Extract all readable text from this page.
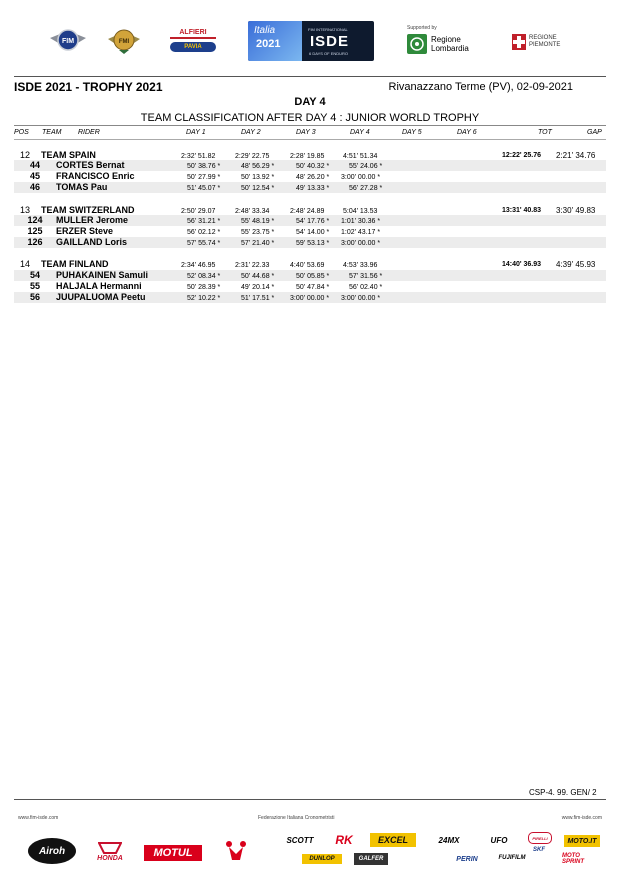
FIM	FMI
ALFIERI
PAVIA
Italia
2021
FIM INTERNATIONAL
ISDE
6 DAYS OF ENDURO
Supported by
Regione
Lombardia
REGIONE
PIEMONTE
ISDE 2021 - TROPHY 2021	Rivanazzano Terme (PV), 02-09-2021
DAY 4
TEAM CLASSIFICATION AFTER DAY 4 : JUNIOR WORLD TROPHY
POS TEAM RIDER	DAY 1	DAY 2	DAY 3	DAY 4	DAY 5	DAY 6	TOT	GAP
12 TEAM SPAIN	2:32' 51.82	2:29' 22.75	2:28' 19.85	4:51' 51.34	12:22' 25.76 2:21' 34.76
44	CORTES Bernat	50' 38.76 *	48' 56.29 *	50' 40.32 *	55' 24.06 *
45	FRANCISCO Enric	50' 27.99 *	50' 13.92 *	48' 26.20 * 3:00' 00.00 *
46	TOMAS Pau	51' 45.07 *	50' 12.54 *	49' 13.33 *	56' 27.28 *
13 TEAM SWITZERLAND	2:50' 29.07	2:48' 33.34	2:48' 24.89	5:04' 13.53	13:31' 40.83 3:30' 49.83
124	MULLER Jerome	56' 31.21 *	55' 48.19 *	54' 17.76 * 1:01' 30.36 *
125	ERZER Steve	56' 02.12 *	55' 23.75 *	54' 14.00 * 1:02' 43.17 *
126	GAILLAND Loris	57' 55.74 *	57' 21.40 *	59' 53.13 * 3:00' 00.00 *
14 TEAM FINLAND	2:34' 46.95	2:31' 22.33	4:40' 53.69	4:53' 33.96	14:40' 36.93 4:39' 45.93
54	PUHAKAINEN Samuli	52' 08.34 *	50' 44.68 *	50' 05.85 *	57' 31.56 *
55	HALJALA Hermanni	50' 28.39 *	49' 20.14 *	50' 47.84 *	56' 02.40 *
56	JUUPALUOMA Peetu	52' 10.22 *	51' 17.51 * 3:00' 00.00 * 3:00' 00.00 *
CSP-4. 99. GEN/ 2
www.fim-isde.com	Federazione Italiana Cronometristi	www.fim-isde.com
Airoh
HONDA	MOTUL
SCOTT	RK	EXCEL	24MX	UFO	PIRELLI
DUNLOP	GALFER	PERIN	FUJIFILM
SKF
MOTO.IT
MOTO SPRINT
